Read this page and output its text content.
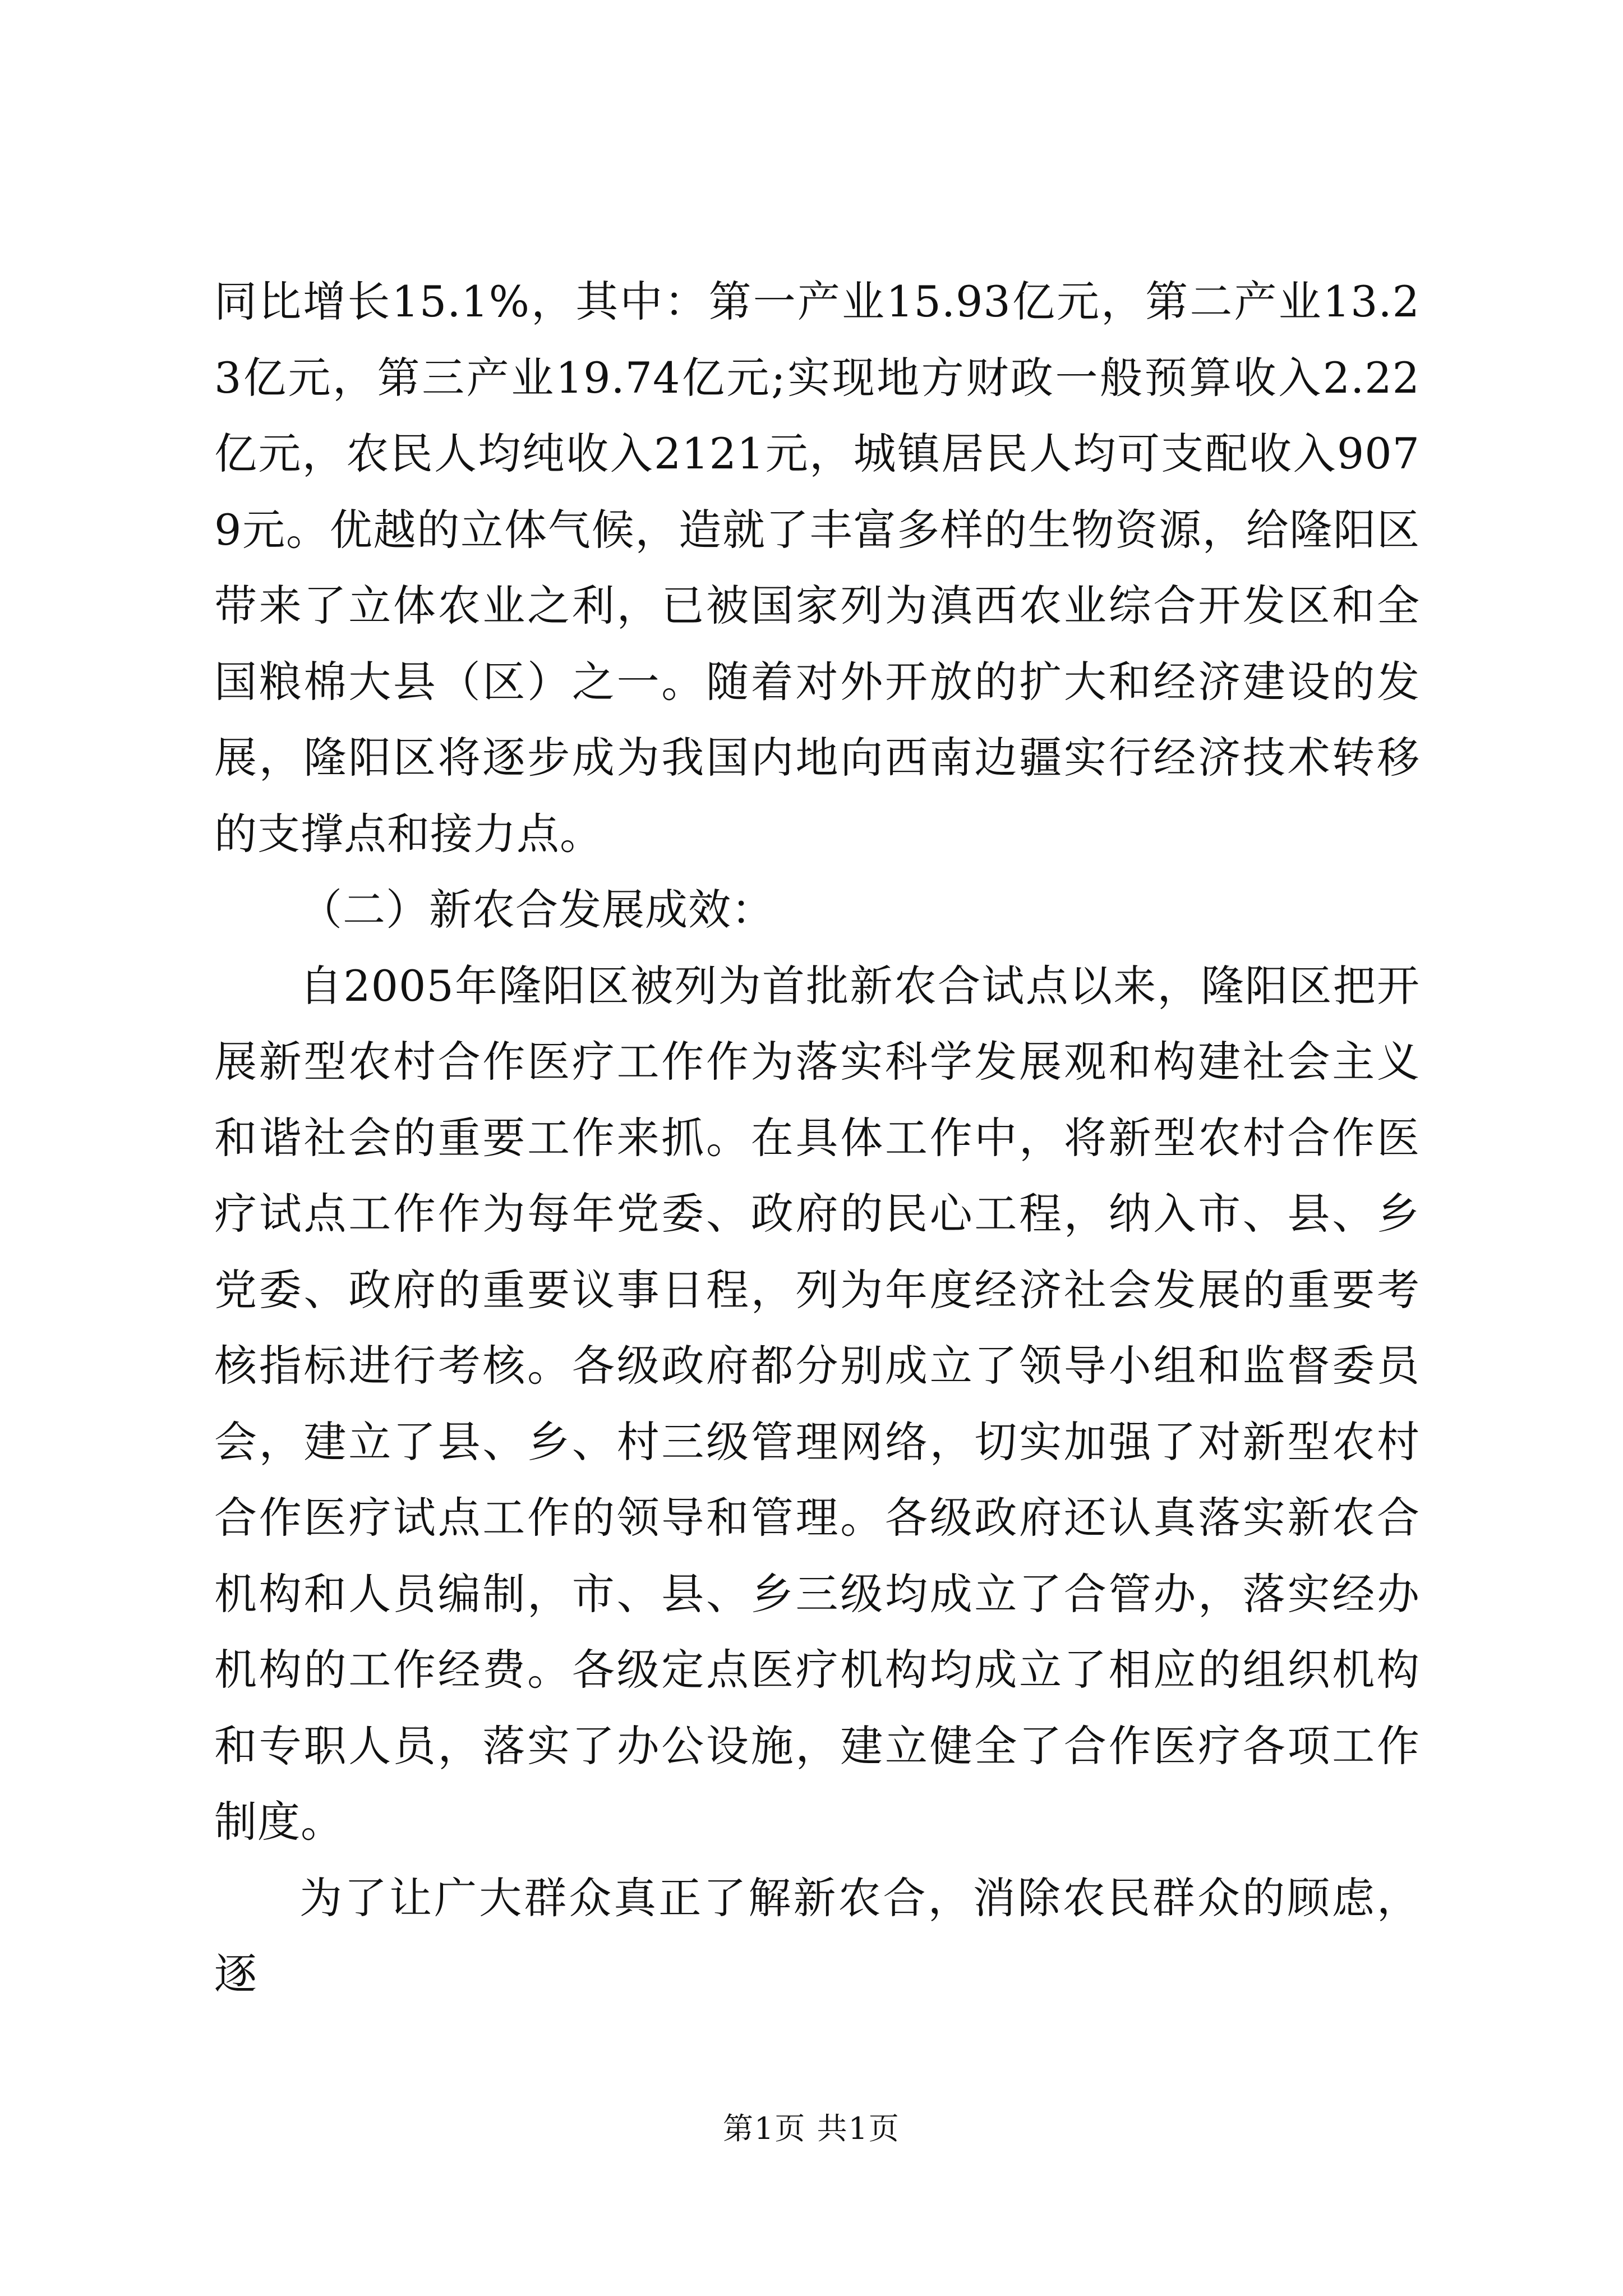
同比增长15.1%，其中：第一产业15.93亿元，第二产业13.23亿元，第三产业19.74亿元;实现地方财政一般预算收入2.22亿元，农民人均纯收入2121元，城镇居民人均可支配收入9079元。优越的立体气候，造就了丰富多样的生物资源，给隆阳区带来了立体农业之利，已被国家列为滇西农业综合开发区和全国粮棉大县（区）之一。随着对外开放的扩大和经济建设的发展，隆阳区将逐步成为我国内地向西南边疆实行经济技术转移的支撑点和接力点。

（二）新农合发展成效：

自2005年隆阳区被列为首批新农合试点以来，隆阳区把开展新型农村合作医疗工作作为落实科学发展观和构建社会主义和谐社会的重要工作来抓。在具体工作中，将新型农村合作医疗试点工作作为每年党委、政府的民心工程，纳入市、县、乡党委、政府的重要议事日程，列为年度经济社会发展的重要考核指标进行考核。各级政府都分别成立了领导小组和监督委员会，建立了县、乡、村三级管理网络，切实加强了对新型农村合作医疗试点工作的领导和管理。各级政府还认真落实新农合机构和人员编制，市、县、乡三级均成立了合管办，落实经办机构的工作经费。各级定点医疗机构均成立了相应的组织机构和专职人员，落实了办公设施，建立健全了合作医疗各项工作制度。

为了让广大群众真正了解新农合，消除农民群众的顾虑，逐

第1页 共1页
